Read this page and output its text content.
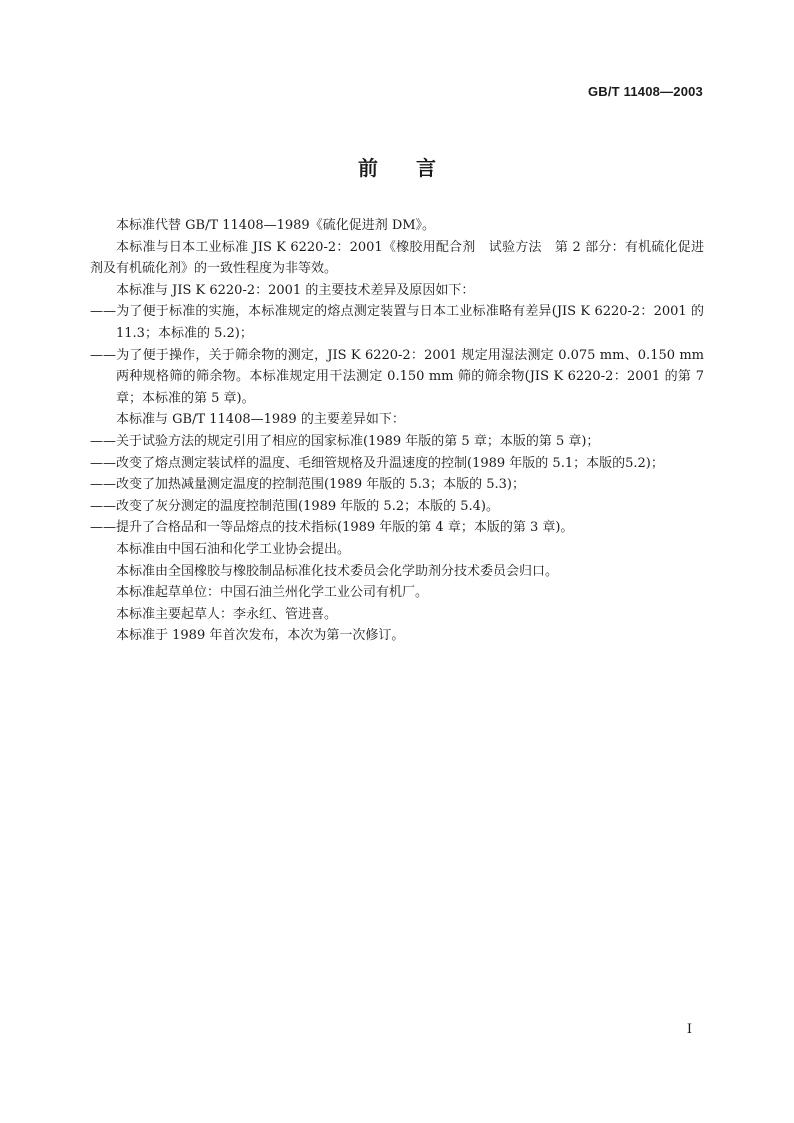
GB/T 11408—2003
前言

本标准代替 GB/T 11408—1989《硫化促进剂 DM》。

本标准与日本工业标准 JIS K 6220-2：2001《橡胶用配合剂　试验方法　第 2 部分：有机硫化促进剂及有机硫化剂》的一致性程度为非等效。

本标准与 JIS K 6220-2：2001 的主要技术差异及原因如下：

——为了便于标准的实施，本标准规定的熔点测定装置与日本工业标准略有差异(JIS K 6220-2：2001 的 11.3；本标准的 5.2)；

——为了便于操作，关于筛余物的测定，JIS K 6220-2：2001 规定用湿法测定 0.075 mm、0.150 mm 两种规格筛的筛余物。本标准规定用干法测定 0.150 mm 筛的筛余物(JIS K 6220-2：2001 的第 7 章；本标准的第 5 章)。

本标准与 GB/T 11408—1989 的主要差异如下：

——关于试验方法的规定引用了相应的国家标准(1989 年版的第 5 章；本版的第 5 章)；

——改变了熔点测定装试样的温度、毛细管规格及升温速度的控制(1989 年版的 5.1；本版的5.2)；

——改变了加热减量测定温度的控制范围(1989 年版的 5.3；本版的 5.3)；

——改变了灰分测定的温度控制范围(1989 年版的 5.2；本版的 5.4)。

——提升了合格品和一等品熔点的技术指标(1989 年版的第 4 章；本版的第 3 章)。

本标准由中国石油和化学工业协会提出。

本标准由全国橡胶与橡胶制品标准化技术委员会化学助剂分技术委员会归口。

本标准起草单位：中国石油兰州化学工业公司有机厂。

本标准主要起草人：李永红、管进喜。

本标准于 1989 年首次发布，本次为第一次修订。

I
